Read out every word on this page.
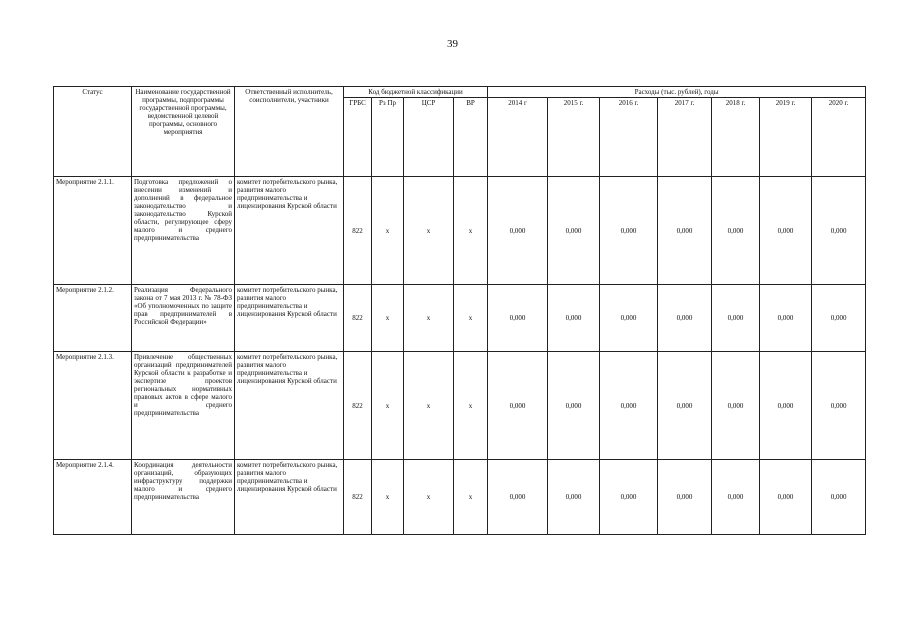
39
Статус	Наименование государственной программы, подпрограммы государственной программы, ведомственной целевой программы, основного мероприятия	Ответственный исполнитель, соисполнители, участники	Код бюджетной классификации				Расходы (тыс. рублей), годы						
			ГРБС	Рз Пр	ЦСР	ВР	2014 г	2015 г.	2016 г.	2017 г.	2018 г.	2019 г.	2020 г.
Мероприятие 2.1.1.	Подготовка предложений о внесении изменений и дополнений в федеральное законодательство и законодательство Курской области, регулирующее сферу малого и среднего предпринимательства	комитет потребительского рынка, развития малого предпринимательства и лицензирования Курской области	822	х	х	х	0,000	0,000	0,000	0,000	0,000	0,000	0,000
Мероприятие 2.1.2.	Реализация Федерального закона от 7 мая 2013 г. № 78-ФЗ «Об уполномоченных по защите прав предпринимателей в Российской Федерации»	комитет потребительского рынка, развития малого предпринимательства и лицензирования Курской области	822	х	х	х	0,000	0,000	0,000	0,000	0,000	0,000	0,000
Мероприятие 2.1.3.	Привлечение общественных организаций предпринимателей Курской области к разработке и экспертизе проектов региональных нормативных правовых актов в сфере малого и среднего предпринимательства	комитет потребительского рынка, развития малого предпринимательства и лицензирования Курской области	822	х	х	х	0,000	0,000	0,000	0,000	0,000	0,000	0,000
Мероприятие 2.1.4.	Координация деятельности организаций, образующих инфраструктуру поддержки малого и среднего предпринимательства	комитет потребительского рынка, развития малого предпринимательства и лицензирования Курской области	822	х	х	х	0,000	0,000	0,000	0,000	0,000	0,000	0,000
